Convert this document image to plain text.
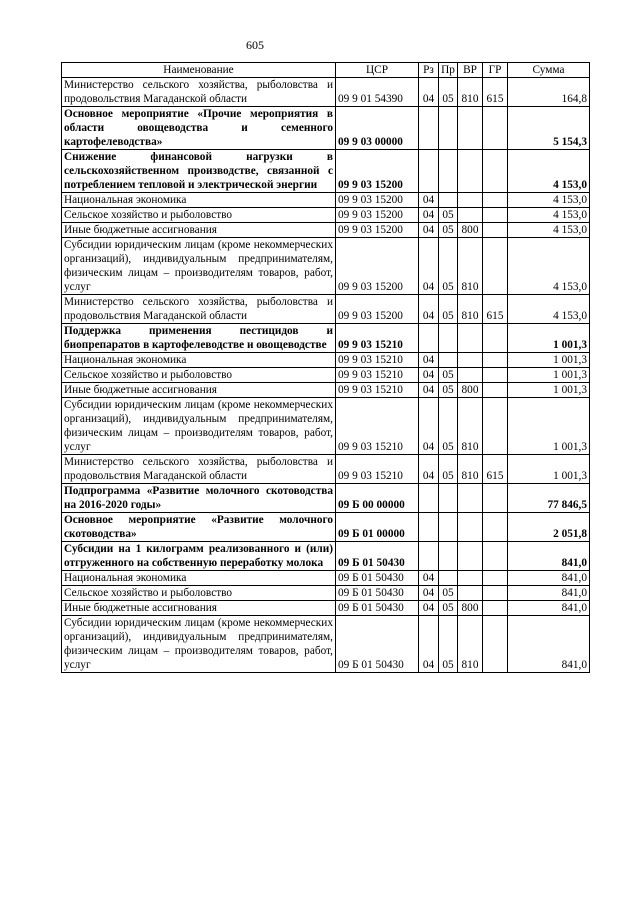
605
Наименование	ЦСР	Рз	Пр	ВР	ГР	Сумма
Министерство сельского хозяйства, рыболовства и продовольствия Магаданской области	09 9 01 54390	04	05	810	615	164,8
Основное мероприятие «Прочие мероприятия в области овощеводства и семенного картофелеводства»	09 9 03 00000					5 154,3
Снижение финансовой нагрузки в сельскохозяйственном производстве, связанной с потреблением тепловой и электрической энергии	09 9 03 15200					4 153,0
Национальная экономика	09 9 03 15200	04				4 153,0
Сельское хозяйство и рыболовство	09 9 03 15200	04	05			4 153,0
Иные бюджетные ассигнования	09 9 03 15200	04	05	800		4 153,0
Субсидии юридическим лицам (кроме некоммерческих организаций), индивидуальным предпринимателям, физическим лицам – производителям товаров, работ, услуг	09 9 03 15200	04	05	810		4 153,0
Министерство сельского хозяйства, рыболовства и продовольствия Магаданской области	09 9 03 15200	04	05	810	615	4 153,0
Поддержка применения пестицидов и биопрепаратов в картофелеводстве и овощеводстве	09 9 03 15210					1 001,3
Национальная экономика	09 9 03 15210	04				1 001,3
Сельское хозяйство и рыболовство	09 9 03 15210	04	05			1 001,3
Иные бюджетные ассигнования	09 9 03 15210	04	05	800		1 001,3
Субсидии юридическим лицам (кроме некоммерческих организаций), индивидуальным предпринимателям, физическим лицам – производителям товаров, работ, услуг	09 9 03 15210	04	05	810		1 001,3
Министерство сельского хозяйства, рыболовства и продовольствия Магаданской области	09 9 03 15210	04	05	810	615	1 001,3
Подпрограмма «Развитие молочного скотоводства на 2016-2020 годы»	09 Б 00 00000					77 846,5
Основное мероприятие «Развитие молочного скотоводства»	09 Б 01 00000					2 051,8
Субсидии на 1 килограмм реализованного и (или) отгруженного на собственную переработку молока	09 Б 01 50430					841,0
Национальная экономика	09 Б 01 50430	04				841,0
Сельское хозяйство и рыболовство	09 Б 01 50430	04	05			841,0
Иные бюджетные ассигнования	09 Б 01 50430	04	05	800		841,0
Субсидии юридическим лицам (кроме некоммерческих организаций), индивидуальным предпринимателям, физическим лицам – производителям товаров, работ, услуг	09 Б 01 50430	04	05	810		841,0
